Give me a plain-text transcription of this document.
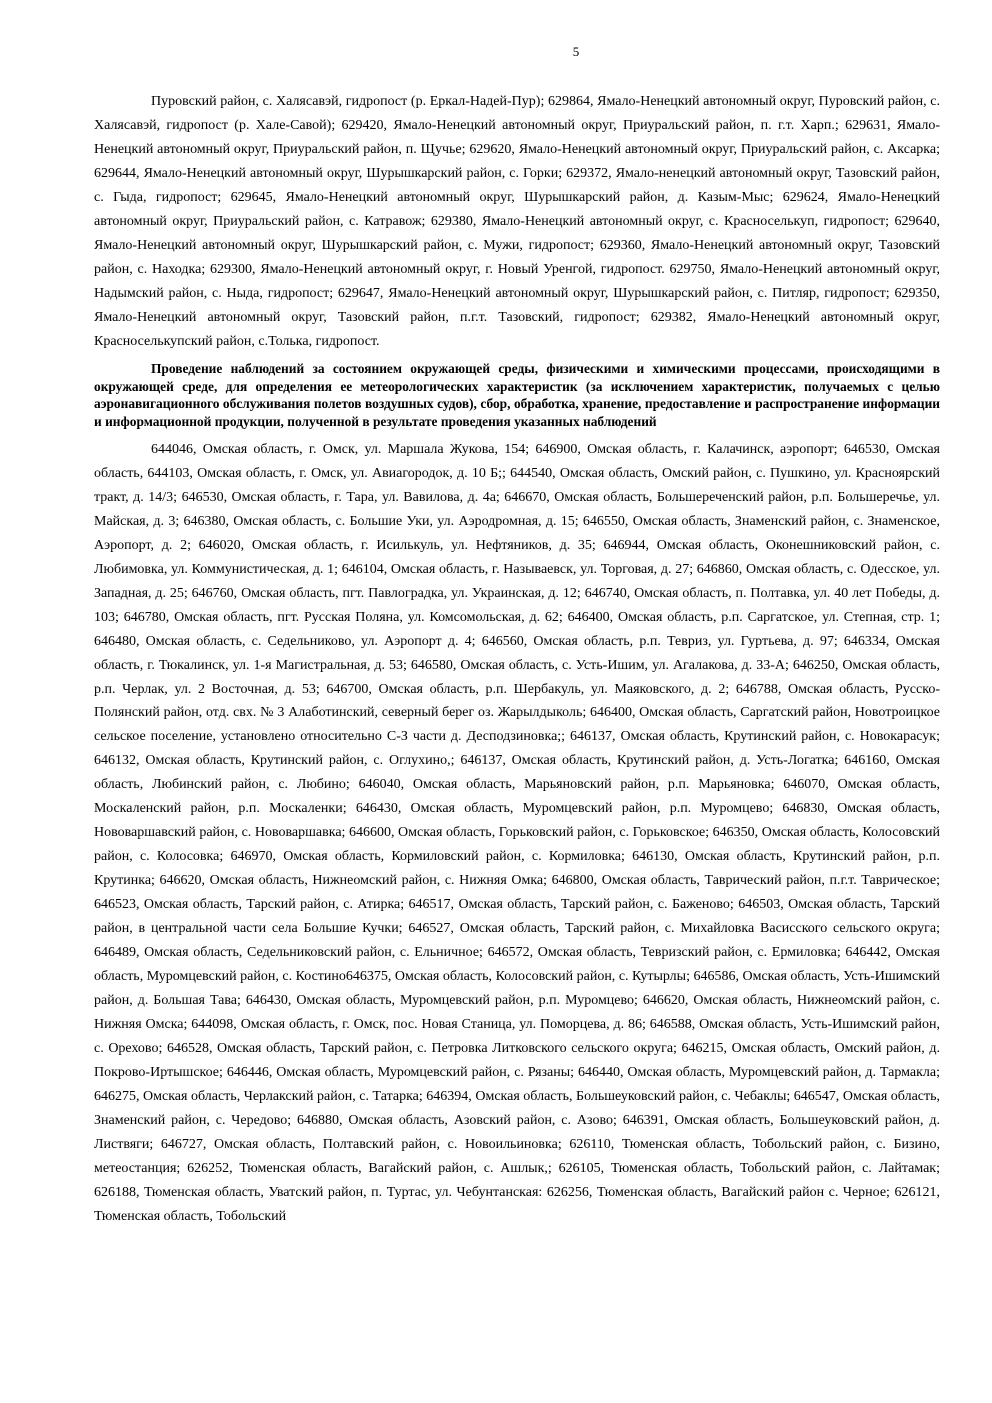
5

Пуровский район, с. Халясавэй, гидропост (р. Еркал-Надей-Пур); 629864, Ямало-Ненецкий автономный округ, Пуровский район, с. Халясавэй, гидропост (р. Хале-Савой); 629420, Ямало-Ненецкий автономный округ, Приуральский район, п. г.т. Харп.; 629631, Ямало-Ненецкий автономный округ, Приуральский район, п. Щучье; 629620, Ямало-Ненецкий автономный округ, Приуральский район, с. Аксарка; 629644, Ямало-Ненецкий автономный округ, Шурышкарский район, с. Горки; 629372, Ямало-ненецкий автономный округ, Тазовский район, с. Гыда, гидропост; 629645, Ямало-Ненецкий автономный округ, Шурышкарский район, д. Казым-Мыс; 629624, Ямало-Ненецкий автономный округ, Приуральский район, с. Катравож; 629380, Ямало-Ненецкий автономный округ, с. Красноселькуп, гидропост; 629640, Ямало-Ненецкий автономный округ, Шурышкарский район, с. Мужи, гидропост; 629360, Ямало-Ненецкий автономный округ, Тазовский район, с. Находка; 629300, Ямало-Ненецкий автономный округ, г. Новый Уренгой, гидропост. 629750, Ямало-Ненецкий автономный округ, Надымский район, с. Ныда, гидропост; 629647, Ямало-Ненецкий автономный округ, Шурышкарский район, с. Питляр, гидропост; 629350, Ямало-Ненецкий автономный округ, Тазовский район, п.г.т. Тазовский, гидропост; 629382, Ямало-Ненецкий автономный округ, Красноселькупский район, с.Толька, гидропост.

Проведение наблюдений за состоянием окружающей среды, физическими и химическими процессами, происходящими в окружающей среде, для определения ее метеорологических характеристик (за исключением характеристик, получаемых с целью аэронавигационного обслуживания полетов воздушных судов), сбор, обработка, хранение, предоставление и распространение информации и информационной продукции, полученной в результате проведения указанных наблюдений

644046, Омская область, г. Омск, ул. Маршала Жукова, 154; 646900, Омская область, г. Калачинск, аэропорт; 646530, Омская область, 644103, Омская область, г. Омск, ул. Авиагородок, д. 10 Б;; 644540, Омская область, Омский район, с. Пушкино, ул. Красноярский тракт, д. 14/3; 646530, Омская область, г. Тара, ул. Вавилова, д. 4а; 646670, Омская область, Большереченский район, р.п. Большеречье, ул. Майская, д. 3; 646380, Омская область, с. Большие Уки, ул. Аэродромная, д. 15; 646550, Омская область, Знаменский район, с. Знаменское, Аэропорт, д. 2; 646020, Омская область, г. Исилькуль, ул. Нефтяников, д. 35; 646944, Омская область, Оконешниковский район, с. Любимовка, ул. Коммунистическая, д. 1; 646104, Омская область, г. Называевск, ул. Торговая, д. 27; 646860, Омская область, с. Одесское, ул. Западная, д. 25; 646760, Омская область, пгт. Павлоградка, ул. Украинская, д. 12; 646740, Омская область, п. Полтавка, ул. 40 лет Победы, д. 103; 646780, Омская область, пгт. Русская Поляна, ул. Комсомольская, д. 62; 646400, Омская область, р.п. Саргатское, ул. Степная, стр. 1; 646480, Омская область, с. Седельниково, ул. Аэропорт д. 4; 646560, Омская область, р.п. Тевриз, ул. Гуртьева, д. 97; 646334, Омская область, г. Тюкалинск, ул. 1-я Магистральная, д. 53; 646580, Омская область, с. Усть-Ишим, ул. Агалакова, д. 33-А; 646250, Омская область, р.п. Черлак, ул. 2 Восточная, д. 53; 646700, Омская область, р.п. Шербакуль, ул. Маяковского, д. 2; 646788, Омская область, Русско-Полянский район, отд. свх. № 3 Алаботинский, северный берег оз. Жарылдыколь; 646400, Омская область, Саргатский район, Новотроицкое сельское поселение, установлено относительно С-З части д. Десподзиновка;; 646137, Омская область, Крутинский район, с. Новокарасук; 646132, Омская область, Крутинский район, с. Оглухино,; 646137, Омская область, Крутинский район, д. Усть-Логатка; 646160, Омская область, Любинский район, с. Любино; 646040, Омская область, Марьяновский район, р.п. Марьяновка; 646070, Омская область, Москаленский район, р.п. Москаленки; 646430, Омская область, Муромцевский район, р.п. Муромцево; 646830, Омская область, Нововаршавский район, с. Нововаршавка; 646600, Омская область, Горьковский район, с. Горьковское; 646350, Омская область, Колосовский район, с. Колосовка; 646970, Омская область, Кормиловский район, с. Кормиловка; 646130, Омская область, Крутинский район, р.п. Крутинка; 646620, Омская область, Нижнеомский район, с. Нижняя Омка; 646800, Омская область, Таврический район, п.г.т. Таврическое; 646523, Омская область, Тарский район, с. Атирка; 646517, Омская область, Тарский район, с. Баженово; 646503, Омская область, Тарский район, в центральной части села Большие Кучки; 646527, Омская область, Тарский район, с. Михайловка Васисского сельского округа; 646489, Омская область, Седельниковский район, с. Ельничное; 646572, Омская область, Тевризский район, с. Ермиловка; 646442, Омская область, Муромцевский район, с. Костино646375, Омская область, Колосовский район, с. Кутырлы; 646586, Омская область, Усть-Ишимский район, д. Большая Тава; 646430, Омская область, Муромцевский район, р.п. Муромцево; 646620, Омская область, Нижнеомский район, с. Нижняя Омска; 644098, Омская область, г. Омск, пос. Новая Станица, ул. Поморцева, д. 86; 646588, Омская область, Усть-Ишимский район, с. Орехово; 646528, Омская область, Тарский район, с. Петровка Литковского сельского округа; 646215, Омская область, Омский район, д. Покрово-Иртышское; 646446, Омская область, Муромцевский район, с. Рязаны; 646440, Омская область, Муромцевский район, д. Тармакла; 646275, Омская область, Черлакский район, с. Татарка; 646394, Омская область, Большеуковский район, с. Чебаклы; 646547, Омская область, Знаменский район, с. Чередово; 646880, Омская область, Азовский район, с. Азово; 646391, Омская область, Большеуковский район, д. Листвяги; 646727, Омская область, Полтавский район, с. Новоильиновка; 626110, Тюменская область, Тобольский район, с. Бизино, метеостанция; 626252, Тюменская область, Вагайский район, с. Ашлык,; 626105, Тюменская область, Тобольский район, с. Лайтамак; 626188, Тюменская область, Уватский район, п. Туртас, ул. Чебунтанская: 626256, Тюменская область, Вагайский район с. Черное; 626121, Тюменская область, Тобольский
